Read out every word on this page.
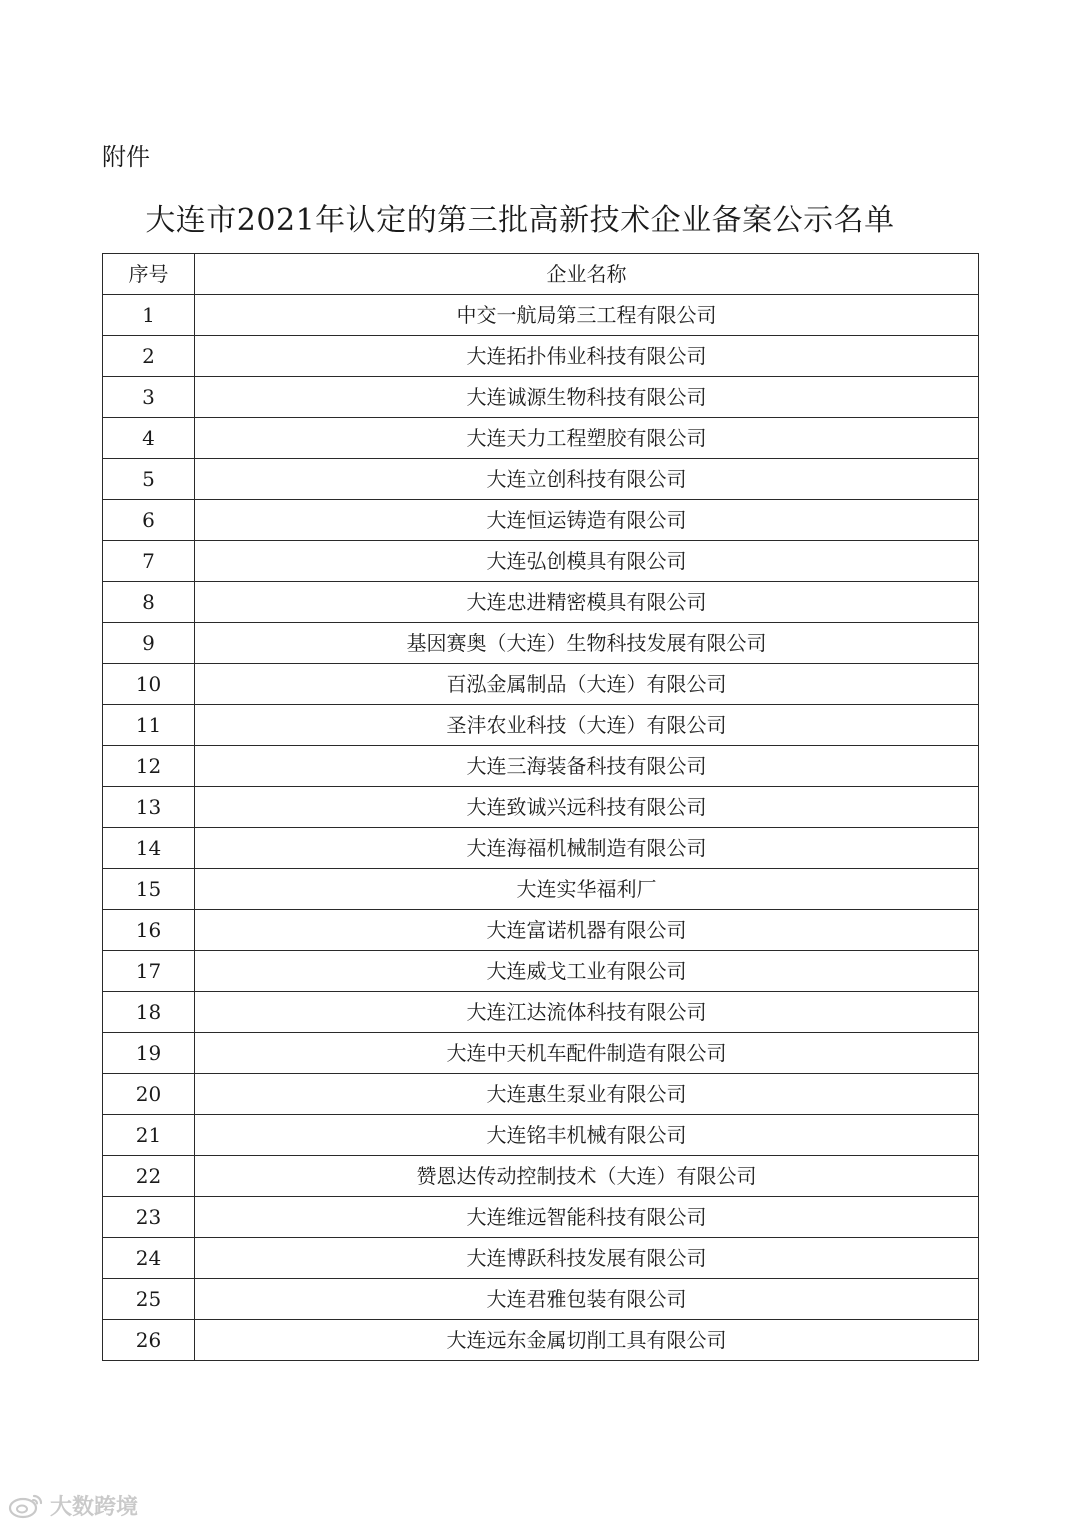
附件
大连市2021年认定的第三批高新技术企业备案公示名单
序号	企业名称
1	中交一航局第三工程有限公司
2	大连拓扑伟业科技有限公司
3	大连诚源生物科技有限公司
4	大连天力工程塑胶有限公司
5	大连立创科技有限公司
6	大连恒运铸造有限公司
7	大连弘创模具有限公司
8	大连忠进精密模具有限公司
9	基因赛奥（大连）生物科技发展有限公司
10	百泓金属制品（大连）有限公司
11	圣沣农业科技（大连）有限公司
12	大连三海装备科技有限公司
13	大连致诚兴远科技有限公司
14	大连海福机械制造有限公司
15	大连实华福利厂
16	大连富诺机器有限公司
17	大连威戈工业有限公司
18	大连江达流体科技有限公司
19	大连中天机车配件制造有限公司
20	大连惠生泵业有限公司
21	大连铭丰机械有限公司
22	赞恩达传动控制技术（大连）有限公司
23	大连维远智能科技有限公司
24	大连博跃科技发展有限公司
25	大连君雅包装有限公司
26	大连远东金属切削工具有限公司
大数跨境
